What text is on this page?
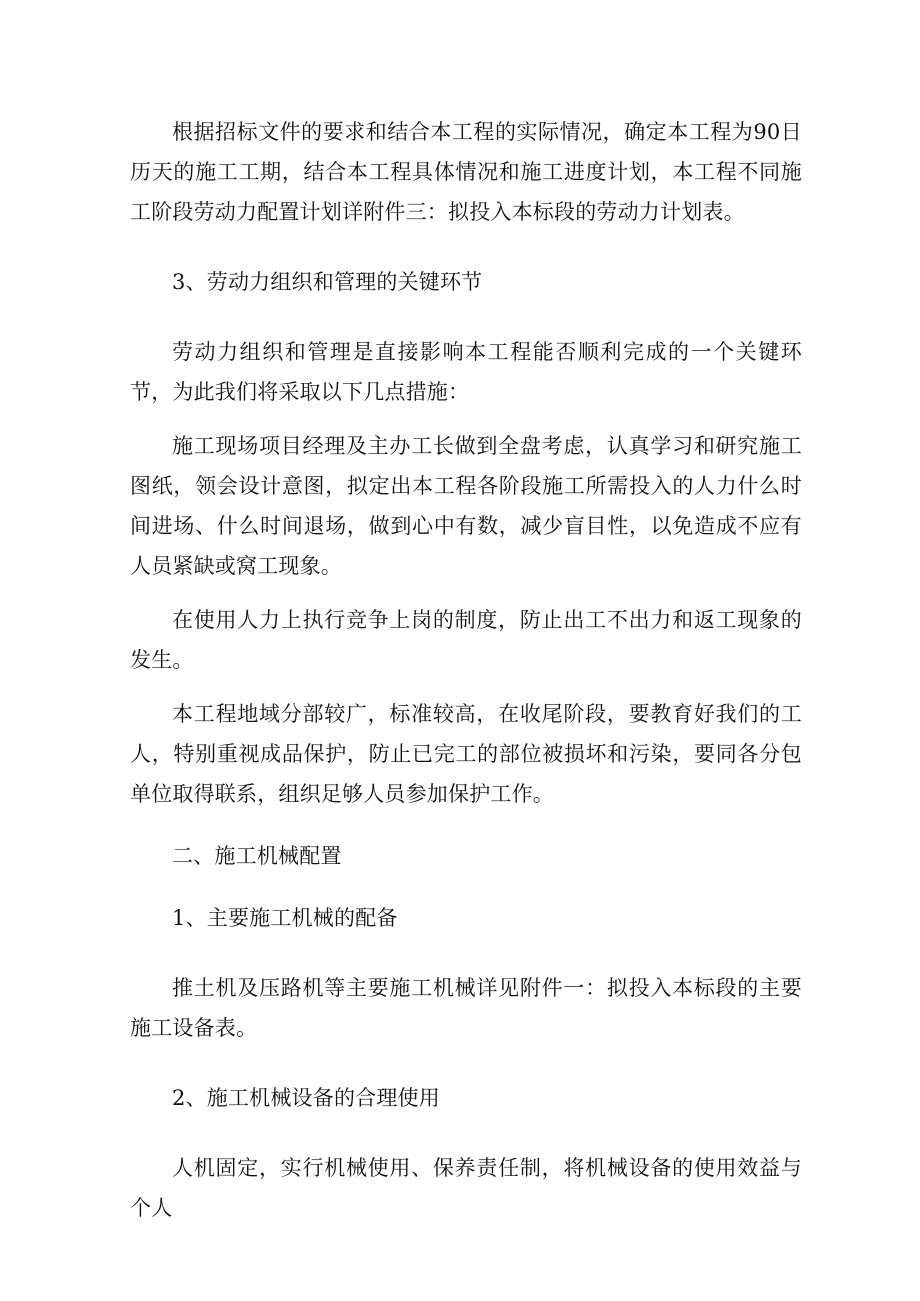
根据招标文件的要求和结合本工程的实际情况，确定本工程为90日历天的施工工期，结合本工程具体情况和施工进度计划，本工程不同施工阶段劳动力配置计划详附件三：拟投入本标段的劳动力计划表。

3、劳动力组织和管理的关键环节

劳动力组织和管理是直接影响本工程能否顺利完成的一个关键环节，为此我们将采取以下几点措施：

施工现场项目经理及主办工长做到全盘考虑，认真学习和研究施工图纸，领会设计意图，拟定出本工程各阶段施工所需投入的人力什么时间进场、什么时间退场，做到心中有数，减少盲目性，以免造成不应有人员紧缺或窝工现象。

在使用人力上执行竞争上岗的制度，防止出工不出力和返工现象的发生。

本工程地域分部较广，标准较高，在收尾阶段，要教育好我们的工人，特别重视成品保护，防止已完工的部位被损坏和污染，要同各分包单位取得联系，组织足够人员参加保护工作。

二、施工机械配置

1、主要施工机械的配备

推土机及压路机等主要施工机械详见附件一：拟投入本标段的主要施工设备表。

2、施工机械设备的合理使用

人机固定，实行机械使用、保养责任制，将机械设备的使用效益与个人
